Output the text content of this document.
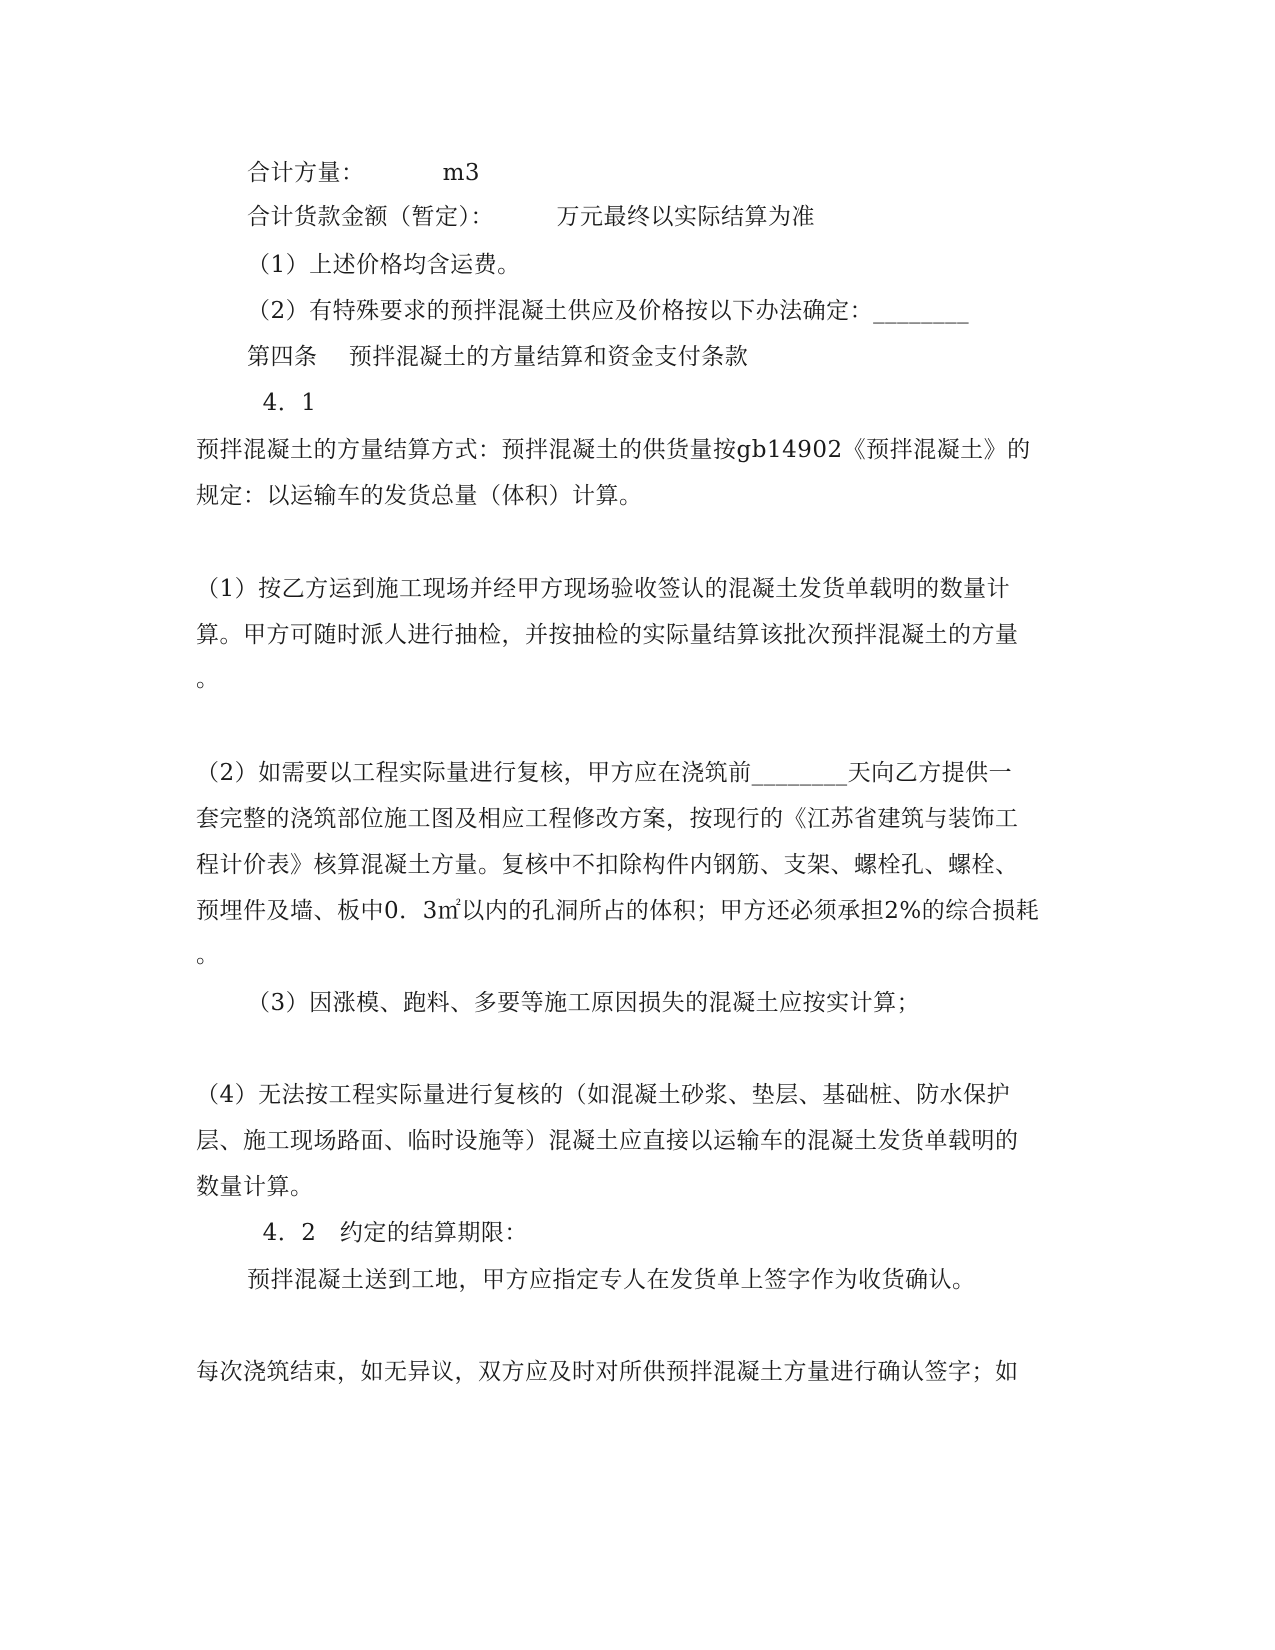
合计方量：          m3
合计货款金额（暂定）：        万元最终以实际结算为准
（1）上述价格均含运费。
（2）有特殊要求的预拌混凝土供应及价格按以下办法确定：________
第四条    预拌混凝土的方量结算和资金支付条款
4．1
预拌混凝土的方量结算方式：预拌混凝土的供货量按gb14902《预拌混凝土》的
规定：以运输车的发货总量（体积）计算。
（1）按乙方运到施工现场并经甲方现场验收签认的混凝土发货单载明的数量计
算。甲方可随时派人进行抽检，并按抽检的实际量结算该批次预拌混凝土的方量
。
（2）如需要以工程实际量进行复核，甲方应在浇筑前________天向乙方提供一
套完整的浇筑部位施工图及相应工程修改方案，按现行的《江苏省建筑与装饰工
程计价表》核算混凝土方量。复核中不扣除构件内钢筋、支架、螺栓孔、螺栓、
预埋件及墙、板中0．3㎡以内的孔洞所占的体积；甲方还必须承担2%的综合损耗
。
（3）因涨模、跑料、多要等施工原因损失的混凝土应按实计算；
（4）无法按工程实际量进行复核的（如混凝土砂浆、垫层、基础桩、防水保护
层、施工现场路面、临时设施等）混凝土应直接以运输车的混凝土发货单载明的
数量计算。
4．2   约定的结算期限：
预拌混凝土送到工地，甲方应指定专人在发货单上签字作为收货确认。
每次浇筑结束，如无异议，双方应及时对所供预拌混凝土方量进行确认签字；如
